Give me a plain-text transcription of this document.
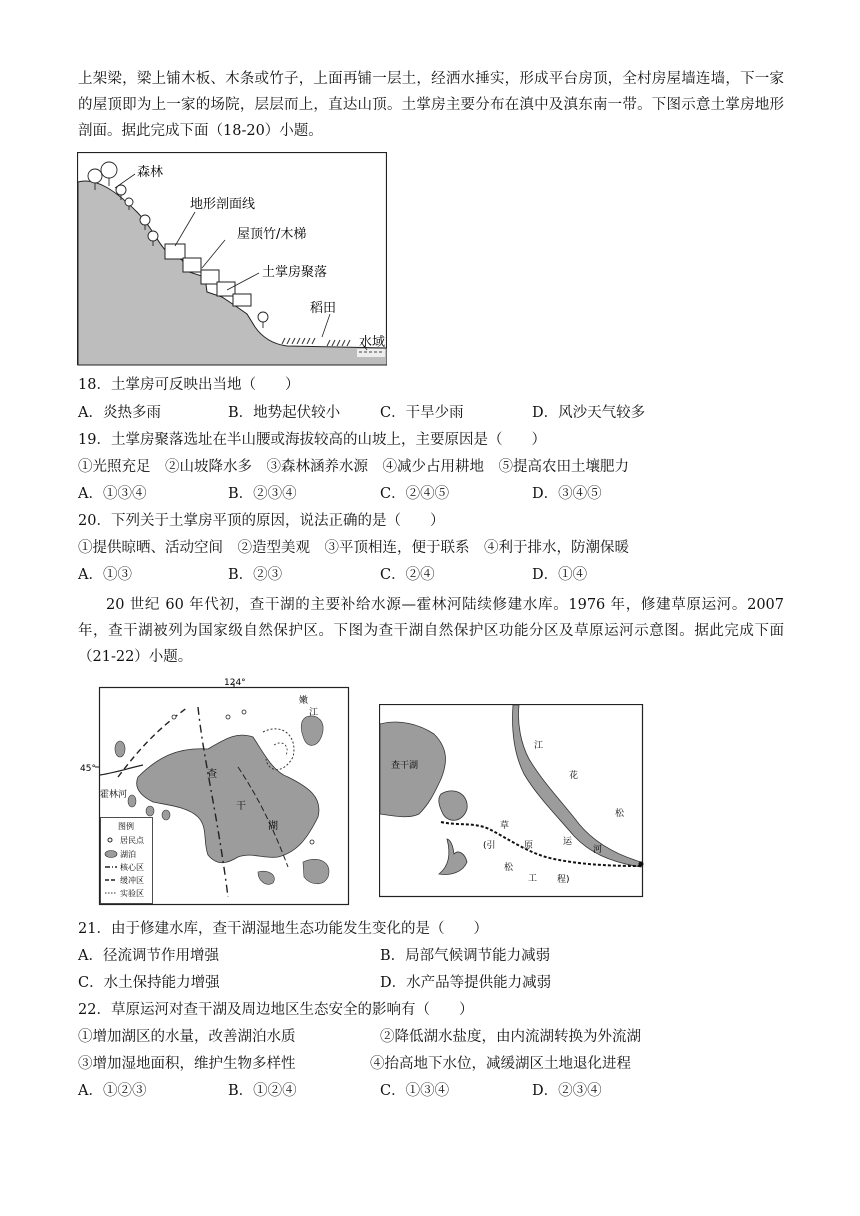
上架梁，梁上铺木板、木条或竹子，上面再铺一层土，经洒水捶实，形成平台房顶，全村房屋墙连墙，下一家的屋顶即为上一家的场院，层层而上，直达山顶。土掌房主要分布在滇中及滇东南一带。下图示意土掌房地形剖面。据此完成下面（18-20）小题。
森林
地形剖面线
屋顶竹/木梯
土掌房聚落
稻田
水域
18．土掌房可反映出当地（　　）
A．炎热多雨	B．地势起伏较小	C．干旱少雨	D．风沙天气较多
19．土掌房聚落选址在半山腰或海拔较高的山坡上，主要原因是（　　）
①光照充足　②山坡降水多　③森林涵养水源　④减少占用耕地　⑤提高农田土壤肥力
A．①③④	B．②③④	C．②④⑤	D．③④⑤
20．下列关于土掌房平顶的原因，说法正确的是（　　）
①提供晾晒、活动空间　②造型美观　③平顶相连，便于联系　④利于排水，防潮保暖
A．①③	B．②③	C．②④	D．①④
20 世纪 60 年代初，查干湖的主要补给水源—霍林河陆续修建水库。1976 年，修建草原运河。2007 年，查干湖被列为国家级自然保护区。下图为查干湖自然保护区功能分区及草原运河示意图。据此完成下面（21-22）小题。
124°
45°	查
干
湖
嫩
江
霍林河
图例
居民点
湖泊
核心区
缓冲区
实验区
查干湖
江
花
松
草
原	运
河
(引
松
工 程)
21．由于修建水库，查干湖湿地生态功能发生变化的是（　　）
A．径流调节作用增强	B．局部气候调节能力减弱
C．水土保持能力增强	D．水产品等提供能力减弱
22．草原运河对查干湖及周边地区生态安全的影响有（　　）
①增加湖区的水量，改善湖泊水质	②降低湖水盐度，由内流湖转换为外流湖
③增加湿地面积，维护生物多样性	④抬高地下水位，减缓湖区土地退化进程
A．①②③	B．①②④	C．①③④	D．②③④
